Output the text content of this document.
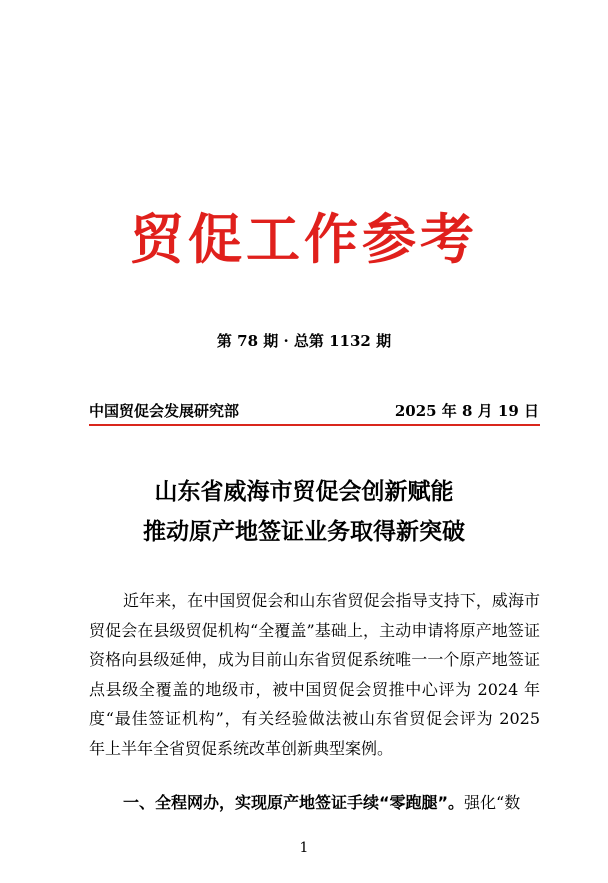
贸促工作参考
第 78 期 · 总第 1132 期
中国贸促会发展研究部	2025 年 8 月 19 日
山东省威海市贸促会创新赋能
推动原产地签证业务取得新突破

近年来，在中国贸促会和山东省贸促会指导支持下，威海市贸促会在县级贸促机构“全覆盖”基础上，主动申请将原产地签证资格向县级延伸，成为目前山东省贸促系统唯一一个原产地签证点县级全覆盖的地级市，被中国贸促会贸推中心评为 2024 年度“最佳签证机构”，有关经验做法被山东省贸促会评为 2025 年上半年全省贸促系统改革创新典型案例。

一、全程网办，实现原产地签证手续“零跑腿”。强化“数
1
